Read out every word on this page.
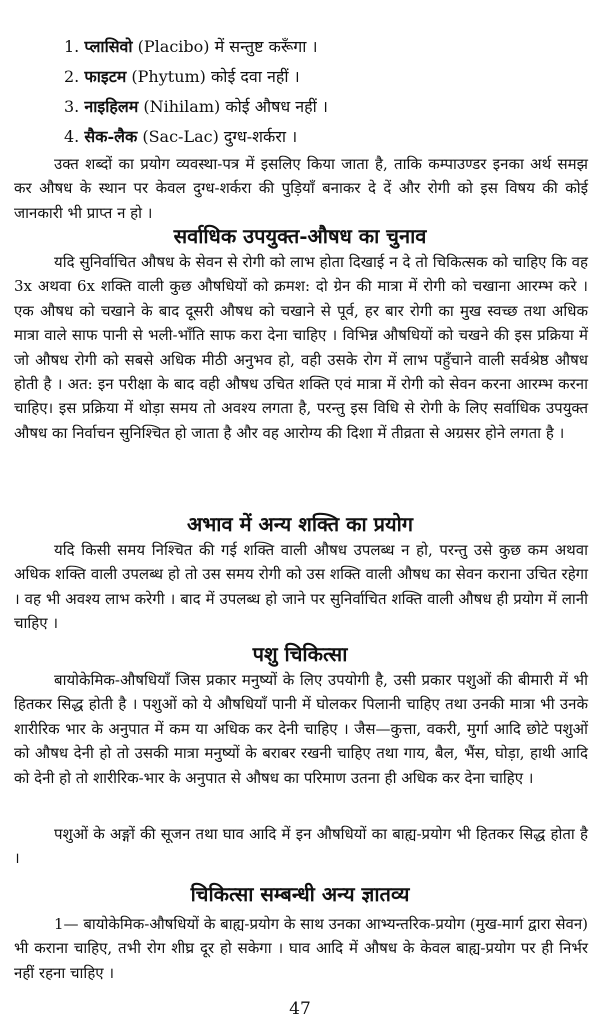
1. प्लासिवो (Placibo) में सन्तुष्ट करूँगा ।
2. फाइटम (Phytum) कोई दवा नहीं ।
3. नाइहिलम (Nihilam) कोई औषध नहीं ।
4. सैक-लैक (Sac-Lac) दुग्ध-शर्करा ।

उक्त शब्दों का प्रयोग व्यवस्था-पत्र में इसलिए किया जाता है, ताकि कम्पाउण्डर इनका अर्थ समझ कर औषध के स्थान पर केवल दुग्ध-शर्करा की पुड़ियाँ बनाकर दे दें और रोगी को इस विषय की कोई जानकारी भी प्राप्त न हो ।

सर्वाधिक उपयुक्त-औषध का चुनाव

यदि सुनिर्वाचित औषध के सेवन से रोगी को लाभ होता दिखाई न दे तो चिकित्सक को चाहिए कि वह 3x अथवा 6x शक्ति वाली कुछ औषधियों को क्रमश: दो ग्रेन की मात्रा में रोगी को चखाना आरम्भ करे । एक औषध को चखाने के बाद दूसरी औषध को चखाने से पूर्व, हर बार रोगी का मुख स्वच्छ तथा अधिक मात्रा वाले साफ पानी से भली-भाँति साफ करा देना चाहिए । विभिन्न औषधियों को चखने की इस प्रक्रिया में जो औषध रोगी को सबसे अधिक मीठी अनुभव हो, वही उसके रोग में लाभ पहुँचाने वाली सर्वश्रेष्ठ औषध होती है । अत: इन परीक्षा के बाद वही औषध उचित शक्ति एवं मात्रा में रोगी को सेवन करना आरम्भ करना चाहिए। इस प्रक्रिया में थोड़ा समय तो अवश्य लगता है, परन्तु इस विधि से रोगी के लिए सर्वाधिक उपयुक्त औषध का निर्वाचन सुनिश्चित हो जाता है और वह आरोग्य की दिशा में तीव्रता से अग्रसर होने लगता है ।

अभाव में अन्य शक्ति का प्रयोग

यदि किसी समय निश्चित की गई शक्ति वाली औषध उपलब्ध न हो, परन्तु उसे कुछ कम अथवा अधिक शक्ति वाली उपलब्ध हो तो उस समय रोगी को उस शक्ति वाली औषध का सेवन कराना उचित रहेगा । वह भी अवश्य लाभ करेगी । बाद में उपलब्ध हो जाने पर सुनिर्वाचित शक्ति वाली औषध ही प्रयोग में लानी चाहिए ।

पशु चिकित्सा

बायोकेमिक-औषधियाँ जिस प्रकार मनुष्यों के लिए उपयोगी है, उसी प्रकार पशुओं की बीमारी में भी हितकर सिद्ध होती है । पशुओं को ये औषधियाँ पानी में घोलकर पिलानी चाहिए तथा उनकी मात्रा भी उनके शारीरिक भार के अनुपात में कम या अधिक कर देनी चाहिए । जैस—कुत्ता, वकरी, मुर्गा आदि छोटे पशुओं को औषध देनी हो तो उसकी मात्रा मनुष्यों के बराबर रखनी चाहिए तथा गाय, बैल, भैंस, घोड़ा, हाथी आदि को देनी हो तो शारीरिक-भार के अनुपात से औषध का परिमाण उतना ही अधिक कर देना चाहिए ।

पशुओं के अङ्गों की सूजन तथा घाव आदि में इन औषधियों का बाह्य-प्रयोग भी हितकर सिद्ध होता है ।

चिकित्सा सम्बन्धी अन्य ज्ञातव्य

1— बायोकेमिक-औषधियों के बाह्य-प्रयोग के साथ उनका आभ्यन्तरिक-प्रयोग (मुख-मार्ग द्वारा सेवन) भी कराना चाहिए, तभी रोग शीघ्र दूर हो सकेगा । घाव आदि में औषध के केवल बाह्य-प्रयोग पर ही निर्भर नहीं रहना चाहिए ।

47
